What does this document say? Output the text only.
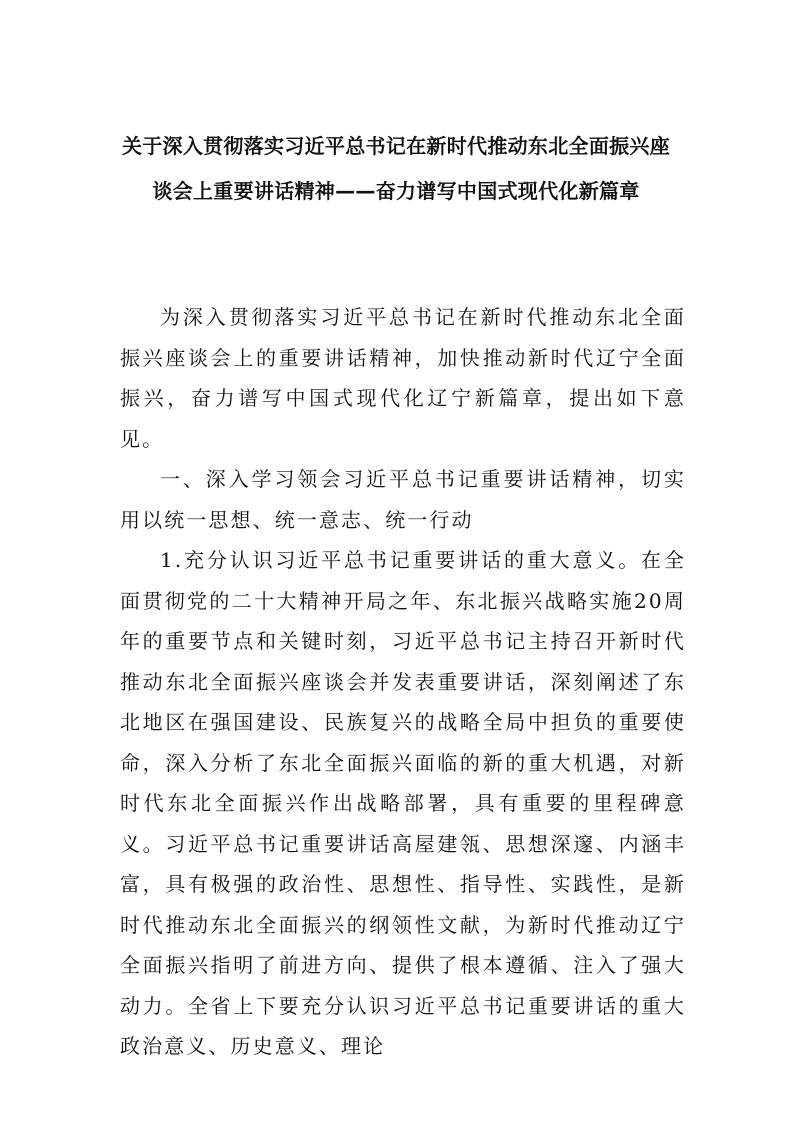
关于深入贯彻落实习近平总书记在新时代推动东北全面振兴座谈会上重要讲话精神——奋力谱写中国式现代化新篇章

为深入贯彻落实习近平总书记在新时代推动东北全面振兴座谈会上的重要讲话精神，加快推动新时代辽宁全面振兴，奋力谱写中国式现代化辽宁新篇章，提出如下意见。

一、深入学习领会习近平总书记重要讲话精神，切实用以统一思想、统一意志、统一行动

1.充分认识习近平总书记重要讲话的重大意义。在全面贯彻党的二十大精神开局之年、东北振兴战略实施20周年的重要节点和关键时刻，习近平总书记主持召开新时代推动东北全面振兴座谈会并发表重要讲话，深刻阐述了东北地区在强国建设、民族复兴的战略全局中担负的重要使命，深入分析了东北全面振兴面临的新的重大机遇，对新时代东北全面振兴作出战略部署，具有重要的里程碑意义。习近平总书记重要讲话高屋建瓴、思想深邃、内涵丰富，具有极强的政治性、思想性、指导性、实践性，是新时代推动东北全面振兴的纲领性文献，为新时代推动辽宁全面振兴指明了前进方向、提供了根本遵循、注入了强大动力。全省上下要充分认识习近平总书记重要讲话的重大政治意义、历史意义、理论
